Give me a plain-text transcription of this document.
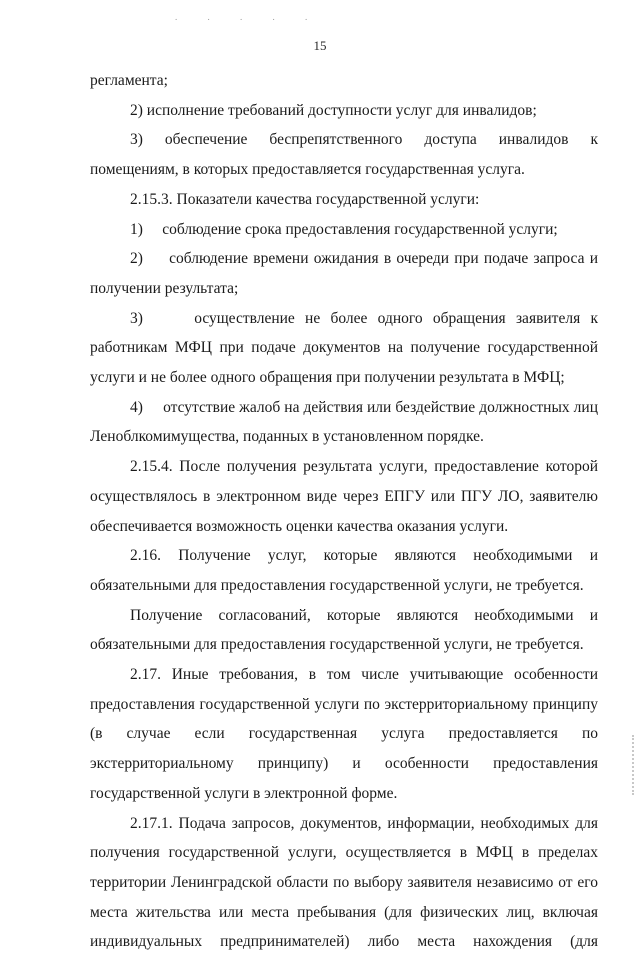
. . . . .
15

регламента;

2) исполнение требований доступности услуг для инвалидов;

3) обеспечение беспрепятственного доступа инвалидов к помещениям, в которых предоставляется государственная услуга.

2.15.3. Показатели качества государственной услуги:

1)     соблюдение срока предоставления государственной услуги;

2)     соблюдение времени ожидания в очереди при подаче запроса и получении результата;

3)     осуществление не более одного обращения заявителя к работникам МФЦ при подаче документов на получение государственной услуги и не более одного обращения при получении результата в МФЦ;

4)     отсутствие жалоб на действия или бездействие должностных лиц Леноблкомимущества, поданных в установленном порядке.

2.15.4. После получения результата услуги, предоставление которой осуществлялось в электронном виде через ЕПГУ или ПГУ ЛО, заявителю обеспечивается возможность оценки качества оказания услуги.

2.16. Получение услуг, которые являются необходимыми и обязательными для предоставления государственной услуги, не требуется.

Получение согласований, которые являются необходимыми и обязательными для предоставления государственной услуги, не требуется.

2.17. Иные требования, в том числе учитывающие особенности предоставления государственной услуги по экстерриториальному принципу (в случае если государственная услуга предоставляется по экстерриториальному принципу) и особенности предоставления государственной услуги в электронной форме.

2.17.1. Подача запросов, документов, информации, необходимых для получения государственной услуги, осуществляется в МФЦ в пределах территории Ленинградской области по выбору заявителя независимо от его места жительства или места пребывания (для физических лиц, включая индивидуальных предпринимателей) либо места нахождения (для
